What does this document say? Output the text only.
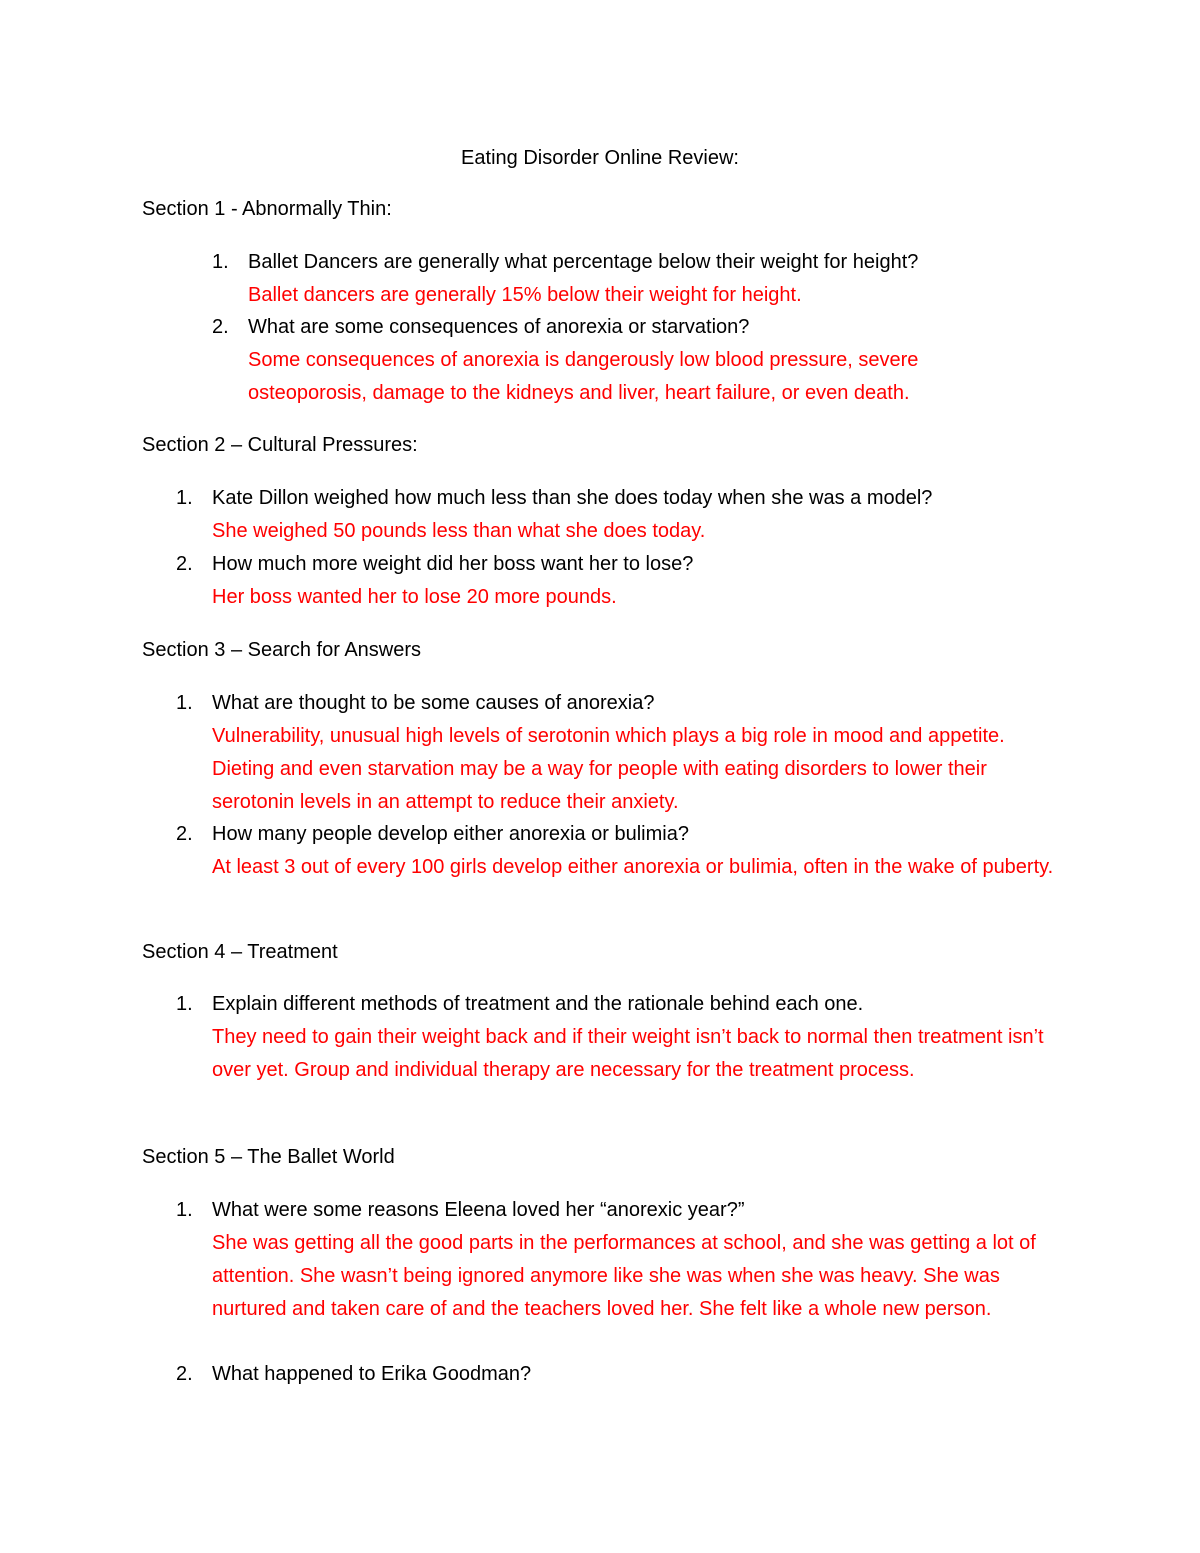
Eating Disorder Online Review:
Section 1 - Abnormally Thin:
1. Ballet Dancers are generally what percentage below their weight for height?
Ballet dancers are generally 15% below their weight for height.
2. What are some consequences of anorexia or starvation?
Some consequences of anorexia is dangerously low blood pressure, severe osteoporosis, damage to the kidneys and liver, heart failure, or even death.
Section 2 – Cultural Pressures:
1. Kate Dillon weighed how much less than she does today when she was a model?
She weighed 50 pounds less than what she does today.
2. How much more weight did her boss want her to lose?
Her boss wanted her to lose 20 more pounds.
Section 3 – Search for Answers
1. What are thought to be some causes of anorexia?
Vulnerability, unusual high levels of serotonin which plays a big role in mood and appetite. Dieting and even starvation may be a way for people with eating disorders to lower their serotonin levels in an attempt to reduce their anxiety.
2. How many people develop either anorexia or bulimia?
At least 3 out of every 100 girls develop either anorexia or bulimia, often in the wake of puberty.
Section 4 – Treatment
1. Explain different methods of treatment and the rationale behind each one.
They need to gain their weight back and if their weight isn’t back to normal then treatment isn’t over yet. Group and individual therapy are necessary for the treatment process.
Section 5 – The Ballet World
1. What were some reasons Eleena loved her “anorexic year?”
She was getting all the good parts in the performances at school, and she was getting a lot of attention. She wasn’t being ignored anymore like she was when she was heavy. She was nurtured and taken care of and the teachers loved her. She felt like a whole new person.
2. What happened to Erika Goodman?
